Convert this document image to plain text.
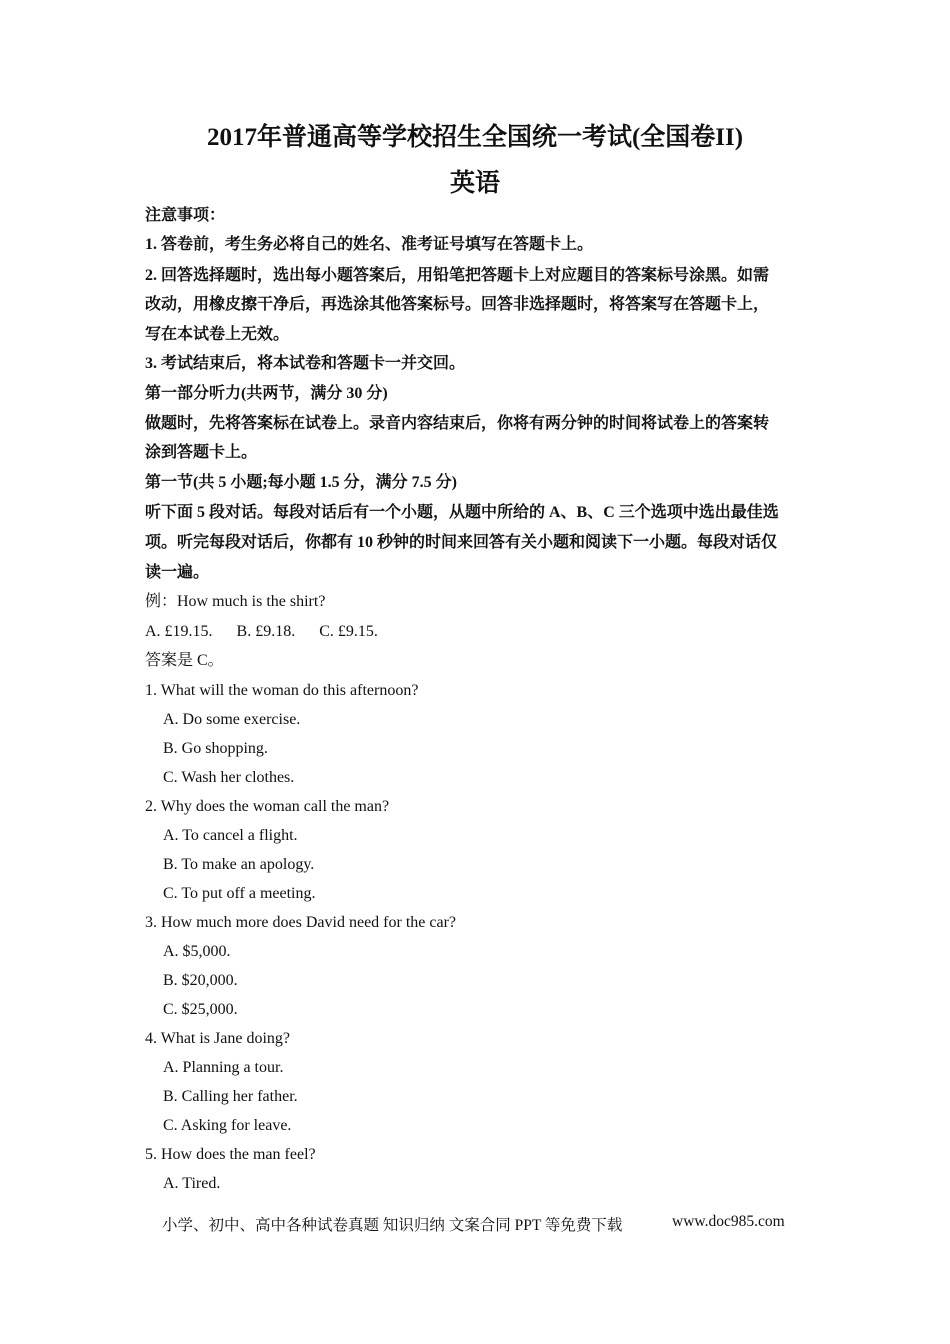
2017年普通高等学校招生全国统一考试(全国卷II)
英语
注意事项：
1. 答卷前，考生务必将自己的姓名、准考证号填写在答题卡上。
2. 回答选择题时，选出每小题答案后，用铅笔把答题卡上对应题目的答案标号涂黑。如需
改动，用橡皮擦干净后，再选涂其他答案标号。回答非选择题时，将答案写在答题卡上，
写在本试卷上无效。
3. 考试结束后，将本试卷和答题卡一并交回。
第一部分听力(共两节，满分 30 分)
做题时，先将答案标在试卷上。录音内容结束后，你将有两分钟的时间将试卷上的答案转
涂到答题卡上。
第一节(共 5 小题;每小题 1.5 分，满分 7.5 分)
听下面 5 段对话。每段对话后有一个小题，从题中所给的 A、B、C 三个选项中选出最佳选
项。听完每段对话后，你都有 10 秒钟的时间来回答有关小题和阅读下一小题。每段对话仅
读一遍。
例：How much is the shirt?
A. £19.15.      B. £9.18.      C. £9.15.
答案是 C。
1. What will the woman do this afternoon?
A. Do some exercise.
B. Go shopping.
C. Wash her clothes.
2. Why does the woman call the man?
A. To cancel a flight.
B. To make an apology.
C. To put off a meeting.
3. How much more does David need for the car?
A. $5,000.
B. $20,000.
C. $25,000.
4. What is Jane doing?
A. Planning a tour.
B. Calling her father.
C. Asking for leave.
5. How does the man feel?
A. Tired.
小学、初中、高中各种试卷真题 知识归纳 文案合同 PPT 等免费下载	www.doc985.com
